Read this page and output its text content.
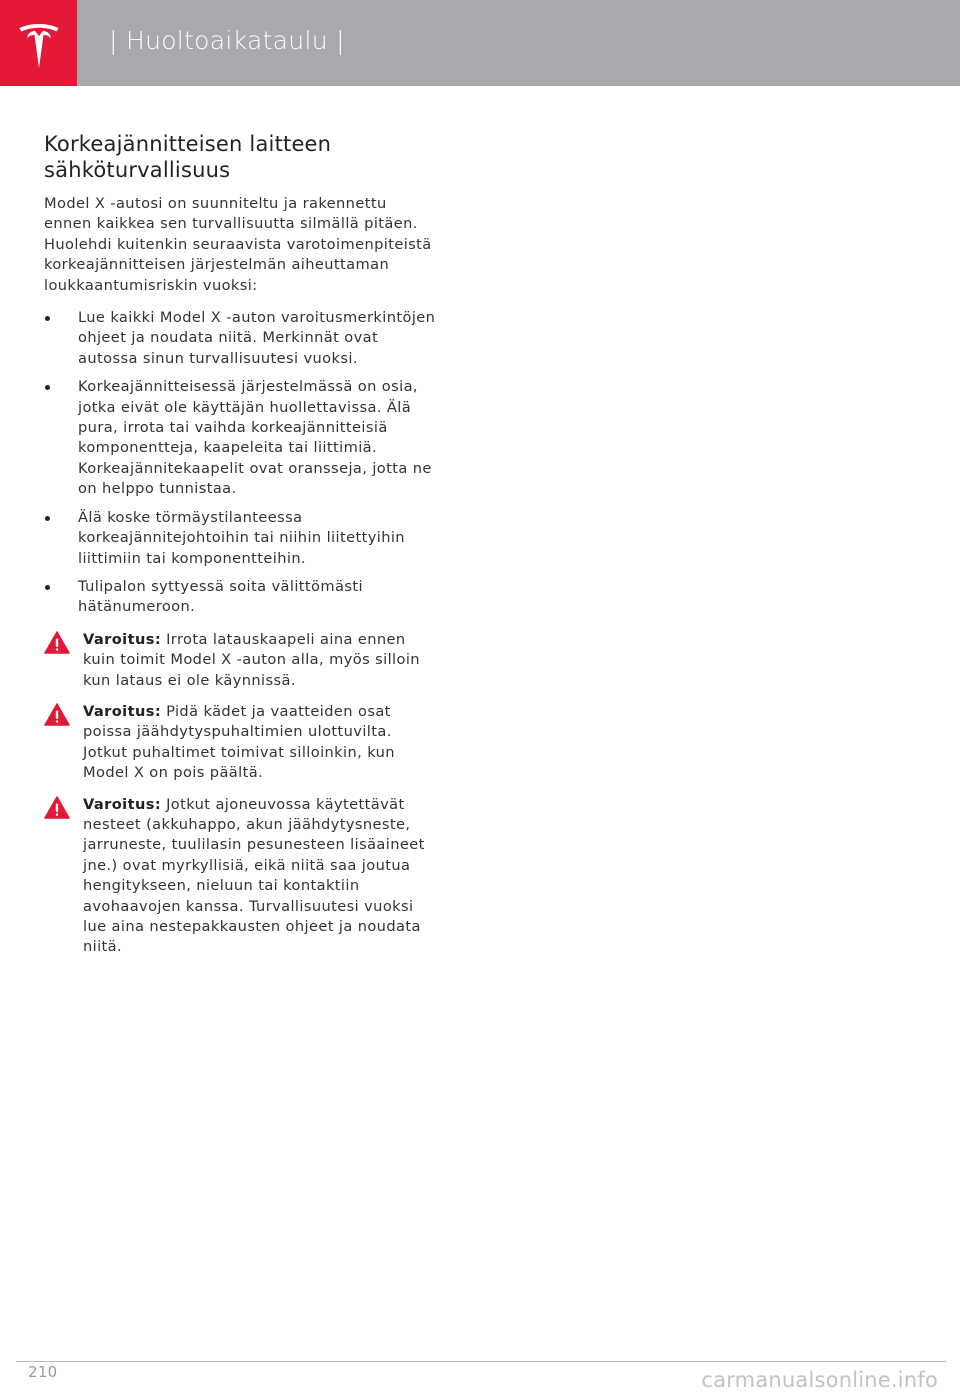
| Huoltoaikataulu |
Korkeajännitteisen laitteen
sähköturvallisuus

Model X -autosi on suunniteltu ja rakennettu ennen kaikkea sen turvallisuutta silmällä pitäen. Huolehdi kuitenkin seuraavista varotoimenpiteistä korkeajännitteisen järjestelmän aiheuttaman loukkaantumisriskin vuoksi:

Lue kaikki Model X -auton varoitusmerkintöjen ohjeet ja noudata niitä. Merkinnät ovat autossa sinun turvallisuutesi vuoksi.
Korkeajännitteisessä järjestelmässä on osia, jotka eivät ole käyttäjän huollettavissa. Älä pura, irrota tai vaihda korkeajännitteisiä komponentteja, kaapeleita tai liittimiä. Korkeajännitekaapelit ovat oransseja, jotta ne on helppo tunnistaa.
Älä koske törmäystilanteessa korkeajännitejohtoihin tai niihin liitettyihin liittimiin tai komponentteihin.
Tulipalon syttyessä soita välittömästi hätänumeroon.
Varoitus: Irrota latauskaapeli aina ennen kuin toimit Model X -auton alla, myös silloin kun lataus ei ole käynnissä.
Varoitus: Pidä kädet ja vaatteiden osat poissa jäähdytyspuhaltimien ulottuvilta. Jotkut puhaltimet toimivat silloinkin, kun Model X on pois päältä.
Varoitus: Jotkut ajoneuvossa käytettävät nesteet (akkuhappo, akun jäähdytysneste, jarruneste, tuulilasin pesunesteen lisäaineet jne.) ovat myrkyllisiä, eikä niitä saa joutua hengitykseen, nieluun tai kontaktiin avohaavojen kanssa. Turvallisuutesi vuoksi lue aina nestepakkausten ohjeet ja noudata niitä.
210	carmanualsonline.info
